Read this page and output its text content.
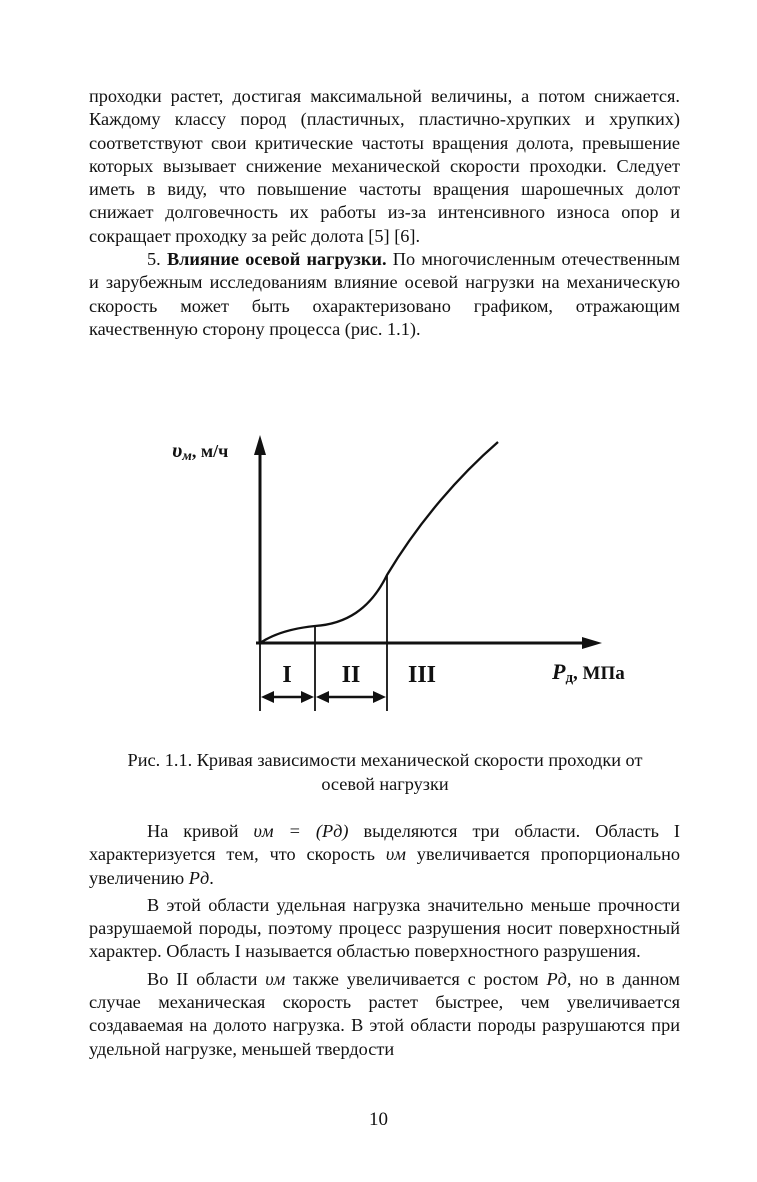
проходки растет, достигая максимальной величины, а потом снижается. Каждому классу пород (пластичных, пластично-хрупких и хрупких) соответствуют свои критические частоты вращения долота, превышение которых вызывает снижение механической скорости проходки. Следует иметь в виду, что повышение частоты вращения шарошечных долот снижает долговечность их работы из-за интенсивного износа опор и сокращает проходку за рейс долота [5] [6].

5. Влияние осевой нагрузки. По многочисленным отечественным и зарубежным исследованиям влияние осевой нагрузки на механическую скорость может быть охарактеризовано графиком, отражающим качественную сторону процесса (рис. 1.1).

I II III
υм, м/ч
Pд, МПа
Рис. 1.1. Кривая зависимости механической скорости проходки от
осевой нагрузки

На кривой υм = (Pд) выделяются три области. Область I характеризуется тем, что скорость υм увеличивается пропорционально увеличению Pд.

В этой области удельная нагрузка значительно меньше прочности разрушаемой породы, поэтому процесс разрушения носит поверхностный характер. Область I называется областью поверхностного разрушения.

Во II области υм также увеличивается с ростом Pд, но в данном случае механическая скорость растет быстрее, чем увеличивается создаваемая на долото нагрузка. В этой области породы разрушаются при удельной нагрузке, меньшей твердости

10
